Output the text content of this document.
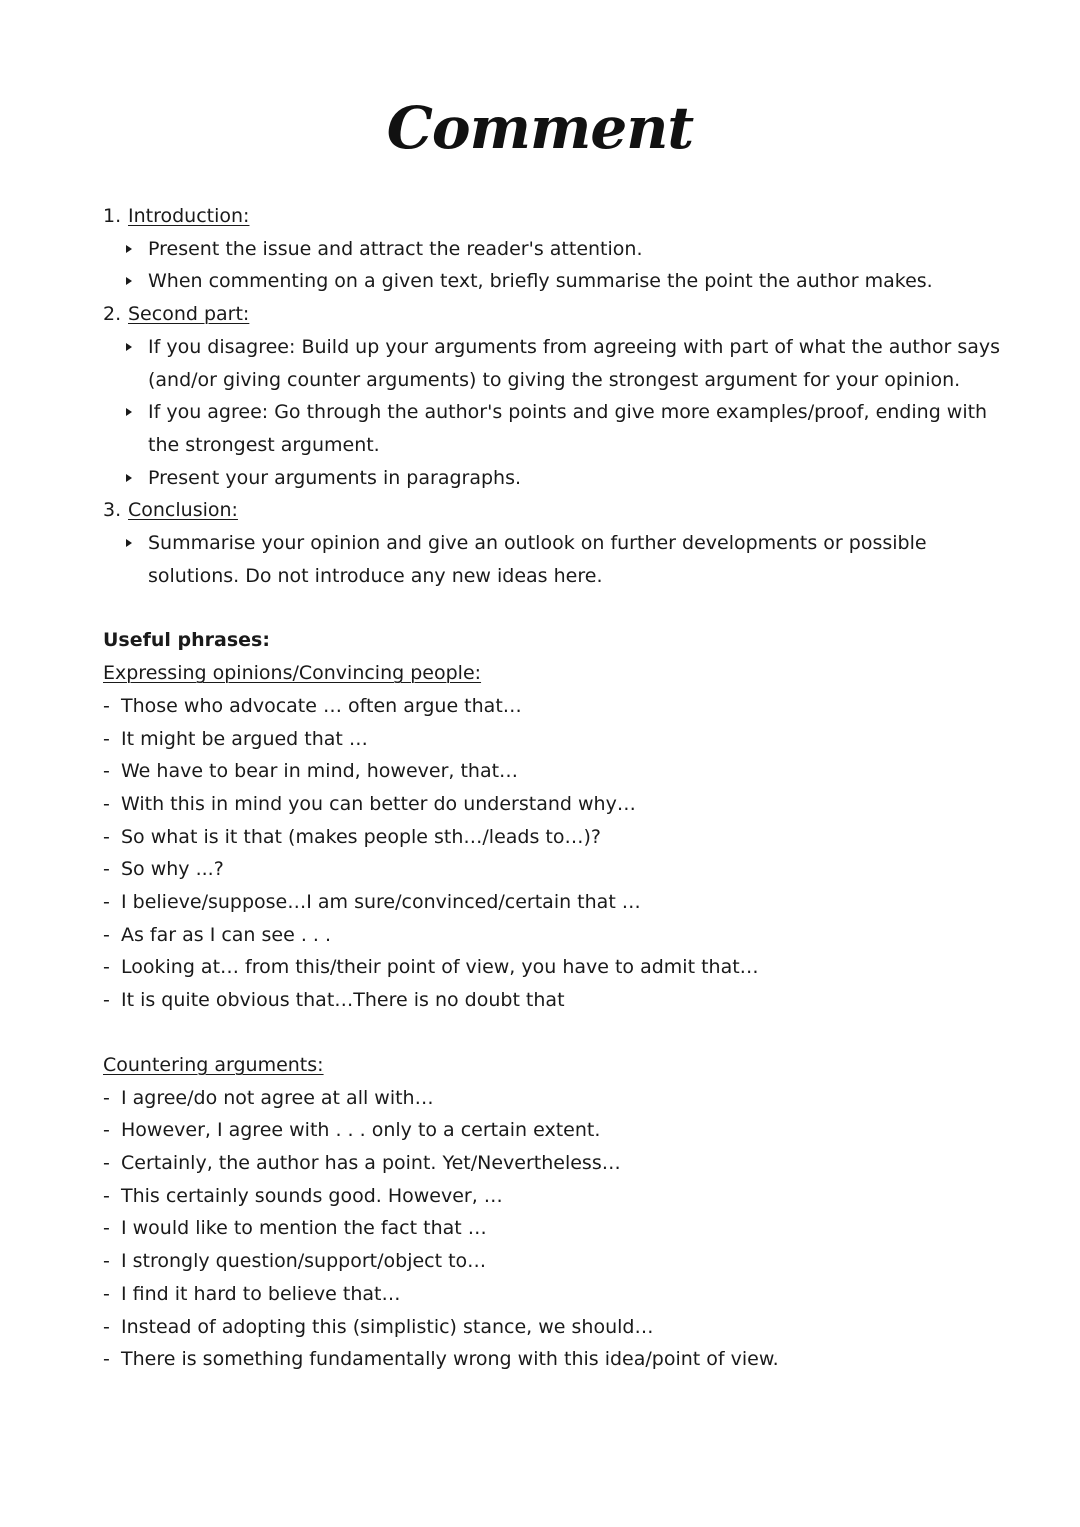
Comment
1. Introduction:
Present the issue and attract the reader's attention.
When commenting on a given text, briefly summarise the point the author makes.
2. Second part:
If you disagree: Build up your arguments from agreeing with part of what the author says (and/or giving counter arguments) to giving the strongest argument for your opinion.
If you agree: Go through the author's points and give more examples/proof, ending with the strongest argument.
Present your arguments in paragraphs.
3. Conclusion:
Summarise your opinion and give an outlook on further developments or possible solutions. Do not introduce any new ideas here.
Useful phrases:
Expressing opinions/Convincing people:
- Those who advocate … often argue that…
- It might be argued that …
- We have to bear in mind, however, that…
- With this in mind you can better do understand why…
- So what is it that (makes people sth…/leads to…)?
- So why ...?
- I believe/suppose…I am sure/convinced/certain that …
- As far as I can see . . .
- Looking at… from this/their point of view, you have to admit that…
- It is quite obvious that…There is no doubt that
Countering arguments:
- I agree/do not agree at all with…
- However, I agree with . . . only to a certain extent.
- Certainly, the author has a point. Yet/Nevertheless…
- This certainly sounds good. However, …
- I would like to mention the fact that …
- I strongly question/support/object to…
- I find it hard to believe that…
- Instead of adopting this (simplistic) stance, we should…
- There is something fundamentally wrong with this idea/point of view.
